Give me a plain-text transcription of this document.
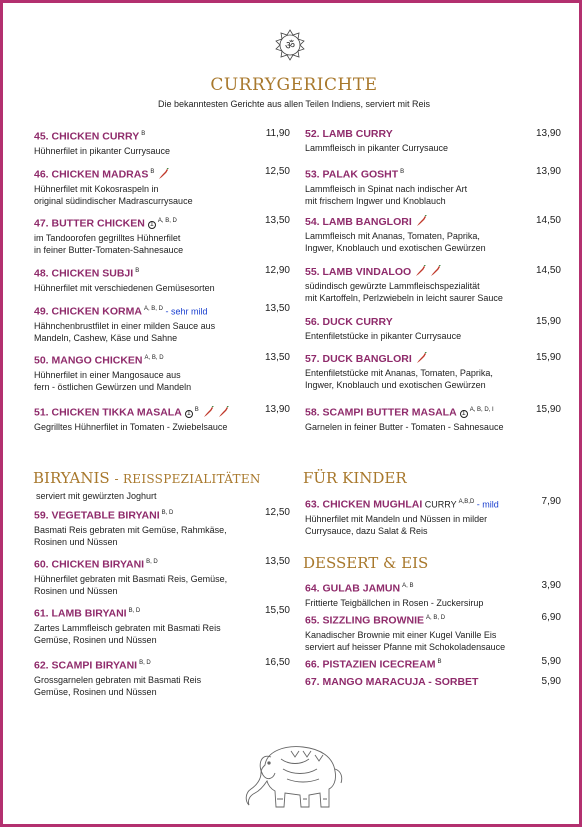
ॐ
CURRYGERICHTE
Die bekanntesten Gerichte aus allen Teilen Indiens, serviert mit Reis
45. CHICKEN CURRY $^B$	11,90
Hühnerfilet in pikanter Currysauce
46. CHICKEN MADRAS $^B$	12,50
Hühnerfilet mit Kokosraspeln in
original südindischer Madrascurrysauce
47. BUTTER CHICKEN 1 $^{A, B, D}$	13,50
im Tandoorofen gegrilltes Hühnerfilet
in feiner Butter-Tomaten-Sahnesauce
48. CHICKEN SUBJI $^B$	12,90
Hühnerfilet mit verschiedenen Gemüsesorten
49. CHICKEN KORMA $^{A, B, D}$ - sehr mild	13,50
Hähnchenbrustfilet in einer milden Sauce aus
Mandeln, Cashew, Käse und Sahne
50. MANGO CHICKEN $^{A, B, D}$	13,50
Hühnerfilet in einer Mangosauce aus
fern - östlichen Gewürzen und Mandeln
51. CHICKEN TIKKA MASALA 1 $^B$	13,90
Gegrilltes Hühnerfilet in Tomaten - Zwiebelsauce
52. LAMB CURRY	13,90
Lammfleisch in pikanter Currysauce
53. PALAK GOSHT $^B$	13,90
Lammfleisch in Spinat nach indischer Art
mit frischem Ingwer und Knoblauch
54. LAMB BANGLORI	14,50
Lammfleisch mit Ananas, Tomaten, Paprika,
Ingwer, Knoblauch und exotischen Gewürzen
55. LAMB VINDALOO	14,50
südindisch gewürzte Lammfleischspezialität
mit Kartoffeln, Perlzwiebeln in leicht saurer Sauce
56. DUCK CURRY	15,90
Entenfiletstücke in pikanter Currysauce
57. DUCK BANGLORI	15,90
Entenfiletstücke mit Ananas, Tomaten, Paprika,
Ingwer, Knoblauch und exotischen Gewürzen
58. SCAMPI BUTTER MASALA 1 $^{A, B, D, I}$	15,90
Garnelen in feiner Butter - Tomaten - Sahnesauce
BIRYANIS - REISSPEZIALITÄTEN
serviert mit gewürzten Joghurt
59. VEGETABLE BIRYANI $^{B, D}$	12,50
Basmati Reis gebraten mit Gemüse, Rahmkäse,
Rosinen und Nüssen
60. CHICKEN BIRYANI $^{B, D}$	13,50
Hühnerfilet gebraten mit Basmati Reis, Gemüse,
Rosinen und Nüssen
61. LAMB BIRYANI $^{B, D}$	15,50
Zartes Lammfleisch gebraten mit Basmati Reis
Gemüse, Rosinen und Nüssen
62. SCAMPI BIRYANI $^{B, D}$	16,50
Grossgarnelen gebraten mit Basmati Reis
Gemüse, Rosinen und Nüssen
FÜR KINDER
63. CHICKEN MUGHLAI CURRY $^{A,B,D}$ - mild	7,90
Hühnerfilet mit Mandeln und Nüssen in milder
Currysauce, dazu Salat & Reis
DESSERT & EIS
64. GULAB JAMUN $^{A, B}$	3,90
Frittierte Teigbällchen in Rosen - Zuckersirup
65. SIZZLING BROWNIE $^{A, B, D}$	6,90
Kanadischer Brownie mit einer Kugel Vanille Eis
serviert auf heisser Pfanne mit Schokoladensauce
66. PISTAZIEN ICECREAM $^B$	5,90
67. MANGO MARACUJA - SORBET	5,90
